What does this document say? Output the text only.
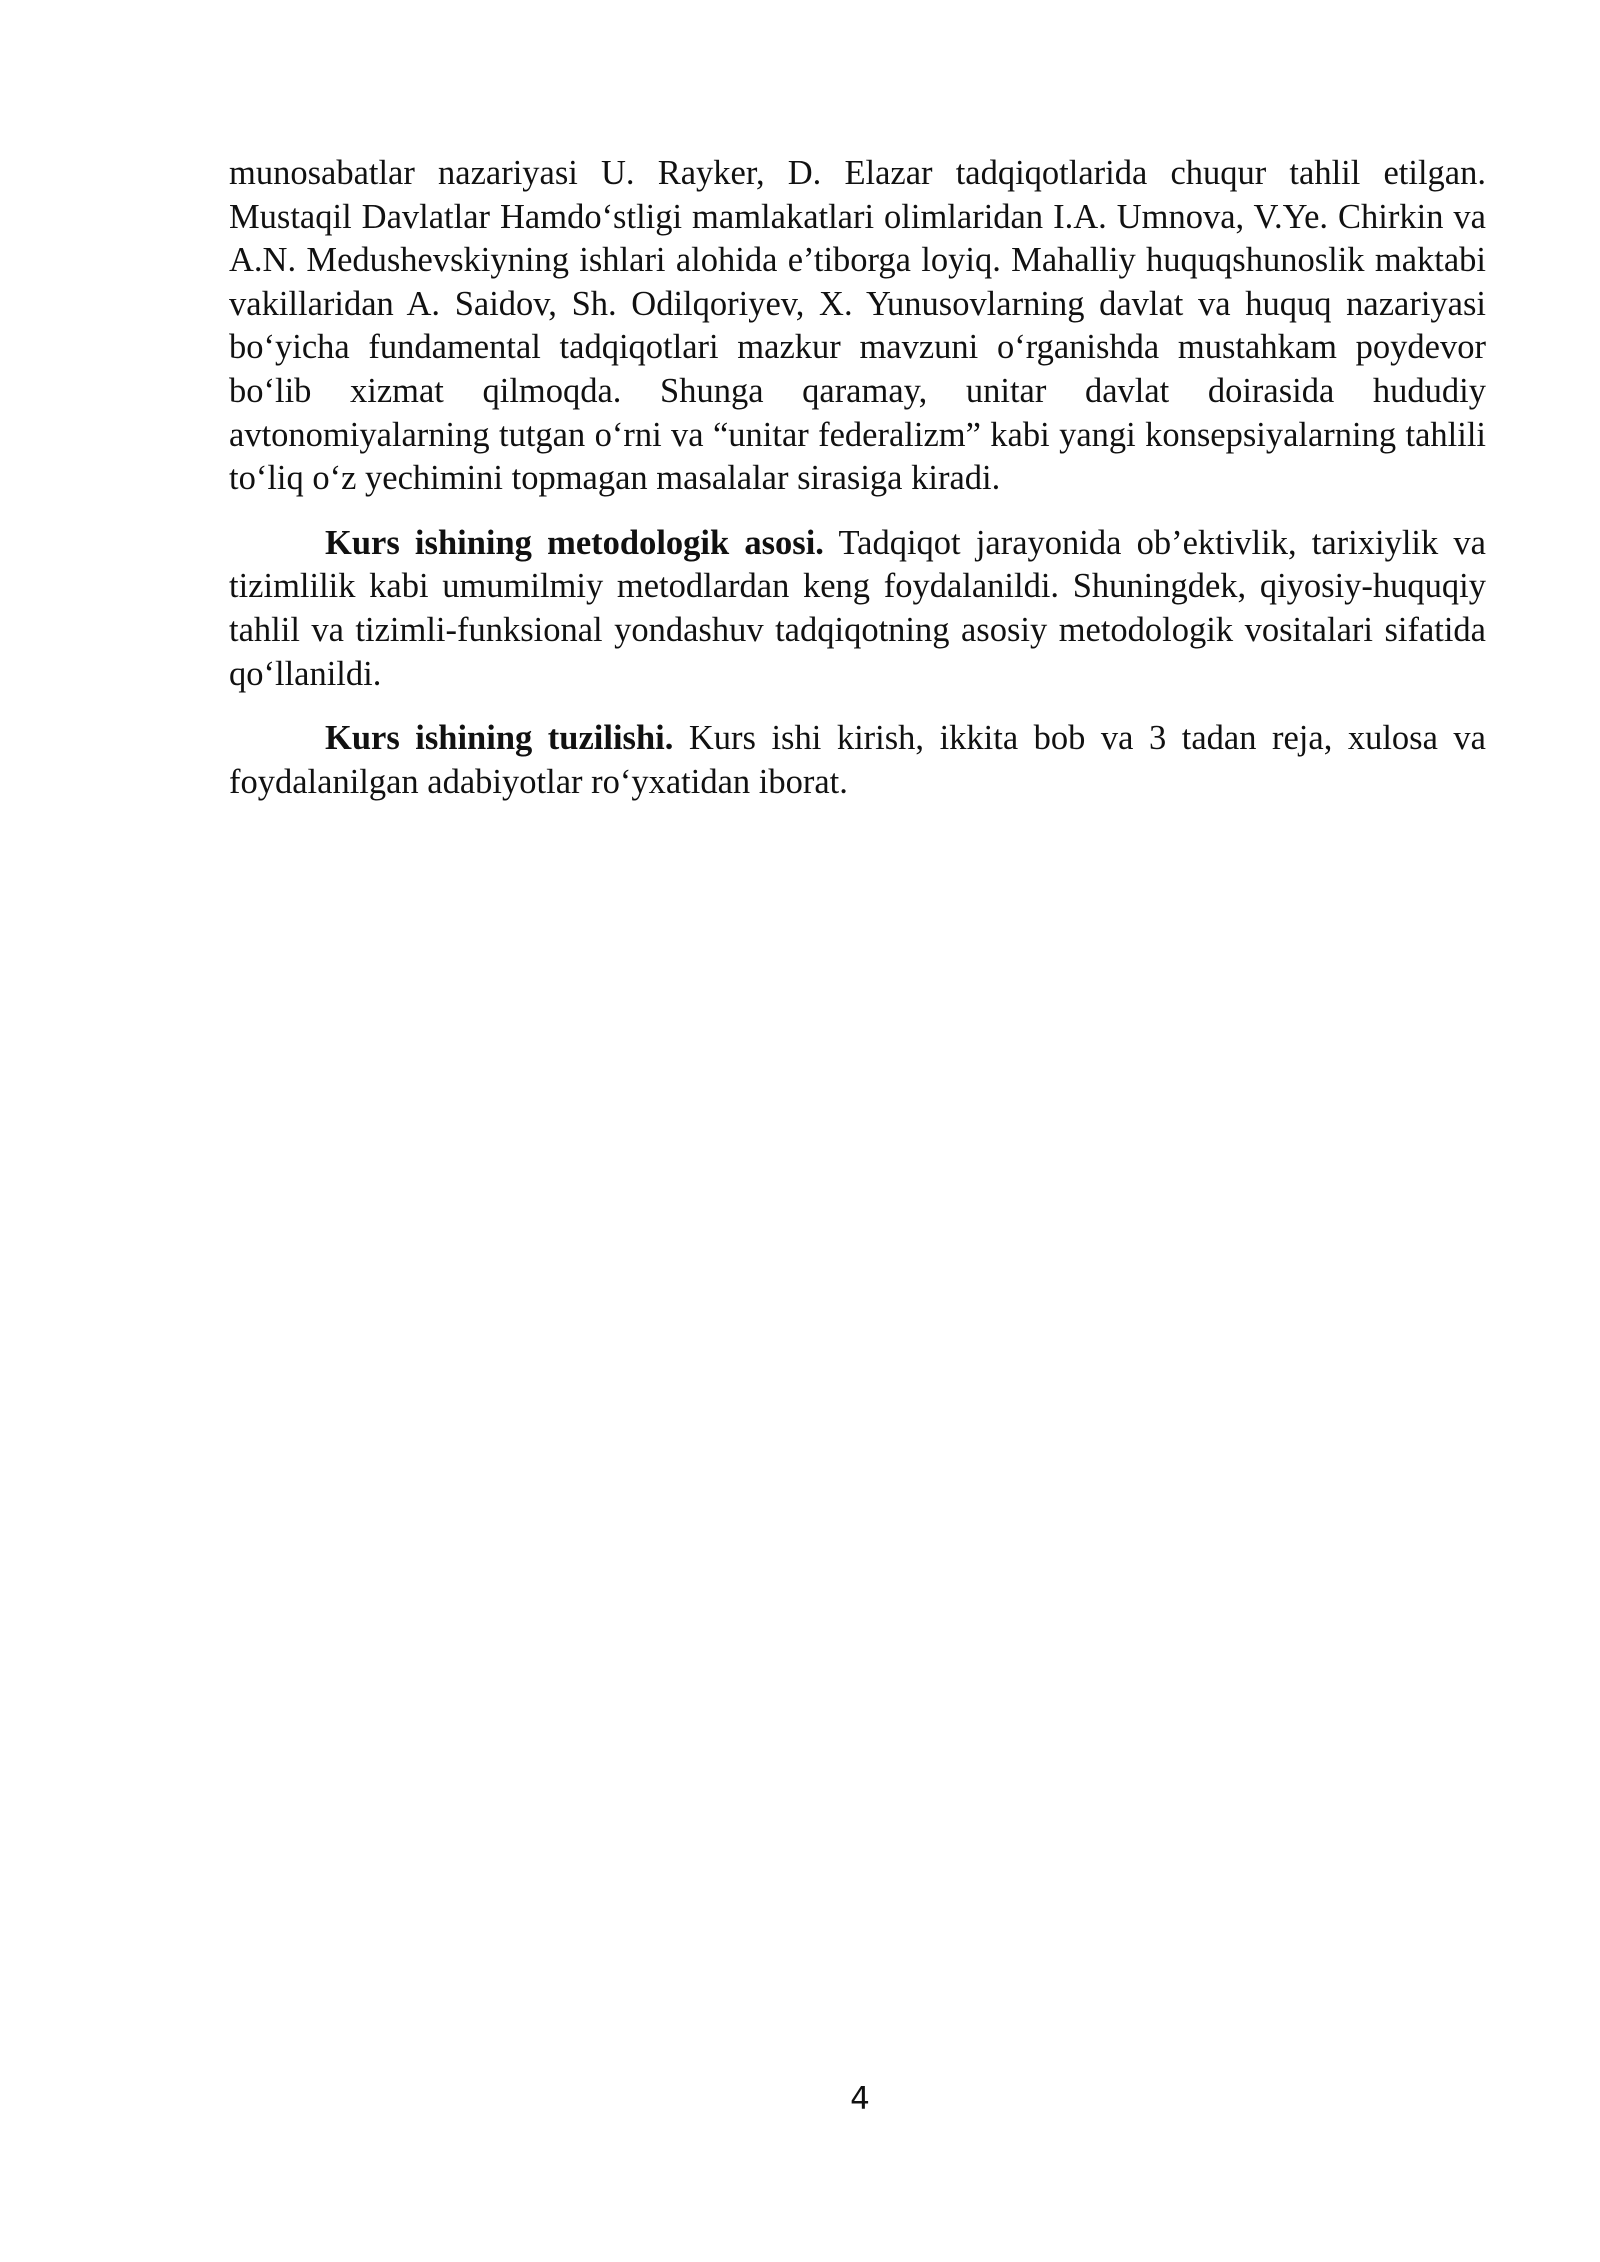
munosabatlar nazariyasi U. Rayker, D. Elazar tadqiqotlarida chuqur tahlil etilgan. Mustaqil Davlatlar Hamdo‘stligi mamlakatlari olimlaridan I.A. Umnova, V.Ye. Chirkin va A.N. Medushevskiyning ishlari alohida e’tiborga loyiq. Mahalliy huquqshunoslik maktabi vakillaridan A. Saidov, Sh. Odilqoriyev, X. Yunusovlarning davlat va huquq nazariyasi bo‘yicha fundamental tadqiqotlari mazkur mavzuni o‘rganishda mustahkam poydevor bo‘lib xizmat qilmoqda. Shunga qaramay, unitar davlat doirasida hududiy avtonomiyalarning tutgan o‘rni va “unitar federalizm” kabi yangi konsepsiyalarning tahlili to‘liq o‘z yechimini topmagan masalalar sirasiga kiradi.

Kurs ishining metodologik asosi. Tadqiqot jarayonida ob’ektivlik, tarixiylik va tizimlilik kabi umumilmiy metodlardan keng foydalanildi. Shuningdek, qiyosiy-huquqiy tahlil va tizimli-funksional yondashuv tadqiqotning asosiy metodologik vositalari sifatida qo‘llanildi.

Kurs ishining tuzilishi. Kurs ishi kirish, ikkita bob va 3 tadan reja, xulosa va foydalanilgan adabiyotlar ro‘yxatidan iborat.

4
